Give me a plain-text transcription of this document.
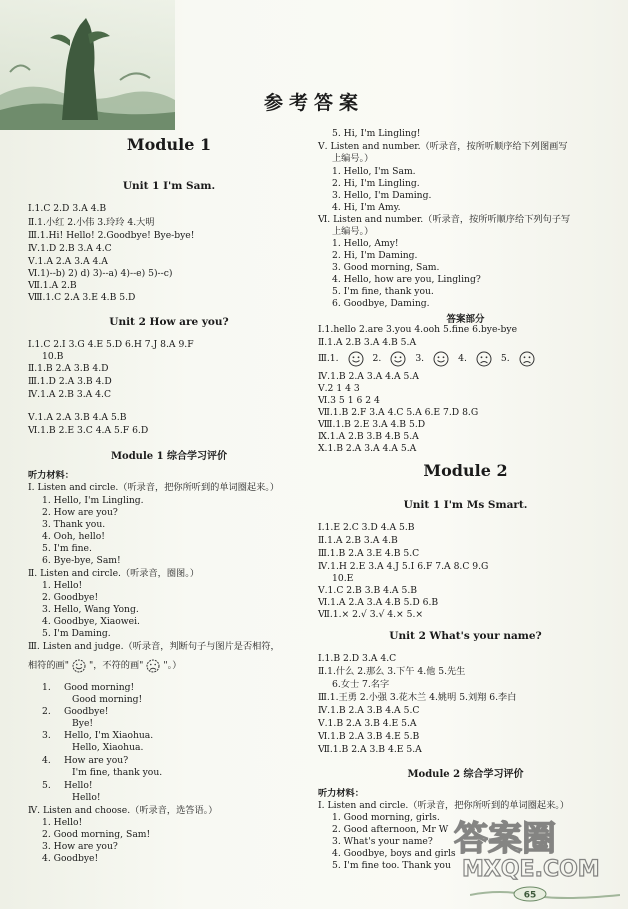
参考答案
Module 1
Unit 1 I'm Sam.
Ⅰ.1.C 2.D 3.A 4.B
Ⅱ.1.小红 2.小伟 3.玲玲 4.大明
Ⅲ.1.Hi! Hello! 2.Goodbye! Bye-bye!
Ⅳ.1.D 2.B 3.A 4.C
Ⅴ.1.A 2.A 3.A 4.A
Ⅵ.1)--b) 2) d) 3)--a) 4)--e) 5)--c)
Ⅶ.1.A 2.B
Ⅷ.1.C 2.A 3.E 4.B 5.D
Unit 2 How are you?
Ⅰ.1.C 2.I 3.G 4.E 5.D 6.H 7.J 8.A 9.F
10.B
Ⅱ.1.B 2.A 3.B 4.D
Ⅲ.1.D 2.A 3.B 4.D
Ⅳ.1.A 2.B 3.A 4.C
Ⅴ.1.A 2.A 3.B 4.A 5.B
Ⅵ.1.B 2.E 3.C 4.A 5.F 6.D
Module 1 综合学习评价
听力材料：
Ⅰ. Listen and circle.（听录音，把你所听到的单词圈起来。）
1. Hello, I'm Lingling.
2. How are you?
3. Thank you.
4. Ooh, hello!
5. I'm fine.
6. Bye-bye, Sam!
Ⅱ. Listen and circle.（听录音，圈图。）
1. Hello!
2. Goodbye!
3. Hello, Wang Yong.
4. Goodbye, Xiaowei.
5. I'm Daming.
Ⅲ. Listen and judge.（听录音，判断句子与图片是否相符，
相符的画" "，不符的画" "。）
1.	Good morning!
Good morning!
2.	Goodbye!
Bye!
3.	Hello, I'm Xiaohua.
Hello, Xiaohua.
4.	How are you?
I'm fine, thank you.
5.	Hello!
Hello!
Ⅳ. Listen and choose.（听录音，选答语。）
1. Hello!
2. Good morning, Sam!
3. How are you?
4. Goodbye!
5. Hi, I'm Lingling!
Ⅴ. Listen and number.（听录音，按所听顺序给下列图画写
上编号。）
1. Hello, I'm Sam.
2. Hi, I'm Lingling.
3. Hello, I'm Daming.
4. Hi, I'm Amy.
Ⅵ. Listen and number.（听录音，按所听顺序给下列句子写
上编号。）
1. Hello, Amy!
2. Hi, I'm Daming.
3. Good morning, Sam.
4. Hello, how are you, Lingling?
5. I'm fine, thank you.
6. Goodbye, Daming.
答案部分
Ⅰ.1.hello 2.are 3.you 4.ooh 5.fine 6.bye-bye
Ⅱ.1.A 2.B 3.A 4.B 5.A
Ⅲ.1.	2.	3.	4.	5.
Ⅳ.1.B 2.A 3.A 4.A 5.A
Ⅴ.2 1 4 3
Ⅵ.3 5 1 6 2 4
Ⅶ.1.B 2.F 3.A 4.C 5.A 6.E 7.D 8.G
Ⅷ.1.B 2.E 3.A 4.B 5.D
Ⅸ.1.A 2.B 3.B 4.B 5.A
Ⅹ.1.B 2.A 3.A 4.A 5.A
Module 2
Unit 1 I'm Ms Smart.
Ⅰ.1.E 2.C 3.D 4.A 5.B
Ⅱ.1.A 2.B 3.A 4.B
Ⅲ.1.B 2.A 3.E 4.B 5.C
Ⅳ.1.H 2.E 3.A 4.J 5.I 6.F 7.A 8.C 9.G
10.E
Ⅴ.1.C 2.B 3.B 4.A 5.B
Ⅵ.1.A 2.A 3.A 4.B 5.D 6.B
Ⅶ.1.× 2.√ 3.√ 4.× 5.×
Unit 2 What's your name?
Ⅰ.1.B 2.D 3.A 4.C
Ⅱ.1.什么 2.那么 3.下午 4.他 5.先生
6.女士 7.名字
Ⅲ.1.王勇 2.小强 3.花木兰 4.姚明 5.刘翔 6.李白
Ⅳ.1.B 2.A 3.B 4.A 5.C
Ⅴ.1.B 2.A 3.B 4.E 5.A
Ⅵ.1.B 2.A 3.B 4.E 5.B
Ⅶ.1.B 2.A 3.B 4.E 5.A
Module 2 综合学习评价
听力材料：
Ⅰ. Listen and circle.（听录音，把你所听到的单词圈起来。）
1. Good morning, girls.
2. Good afternoon, Mr W
3. What's your name?
4. Goodbye, boys and girls
5. I'm fine too. Thank you
答案圈
MXQE.COM
65
